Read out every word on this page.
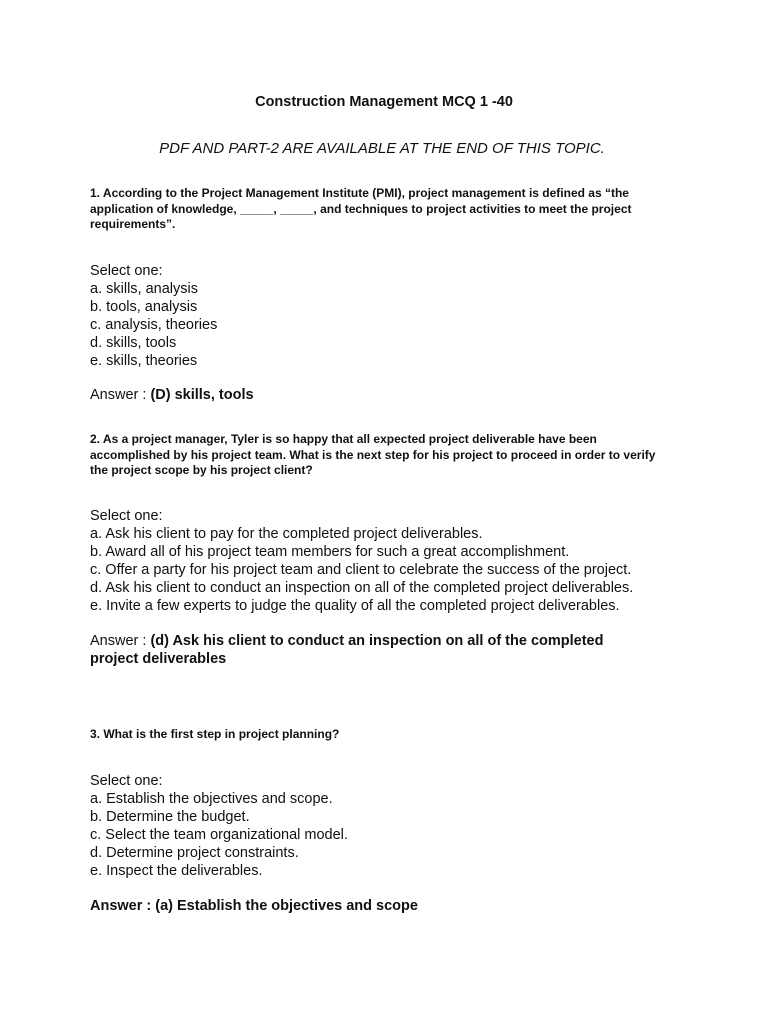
Construction Management MCQ 1 -40
PDF AND PART-2 ARE AVAILABLE AT THE END OF THIS TOPIC.
1. According to the Project Management Institute (PMI), project management is defined as “the application of knowledge, _____, _____, and techniques to project activities to meet the project requirements”.
Select one:
a. skills, analysis
b. tools, analysis
c. analysis, theories
d. skills, tools
e. skills, theories
Answer : (D) skills, tools
2. As a project manager, Tyler is so happy that all expected project deliverable have been accomplished by his project team. What is the next step for his project to proceed in order to verify the project scope by his project client?
Select one:
a. Ask his client to pay for the completed project deliverables.
b. Award all of his project team members for such a great accomplishment.
c. Offer a party for his project team and client to celebrate the success of the project.
d. Ask his client to conduct an inspection on all of the completed project deliverables.
e. Invite a few experts to judge the quality of all the completed project deliverables.
Answer : (d) Ask his client to conduct an inspection on all of the completed project deliverables
3. What is the first step in project planning?
Select one:
a. Establish the objectives and scope.
b. Determine the budget.
c. Select the team organizational model.
d. Determine project constraints.
e. Inspect the deliverables.
Answer : (a) Establish the objectives and scope
